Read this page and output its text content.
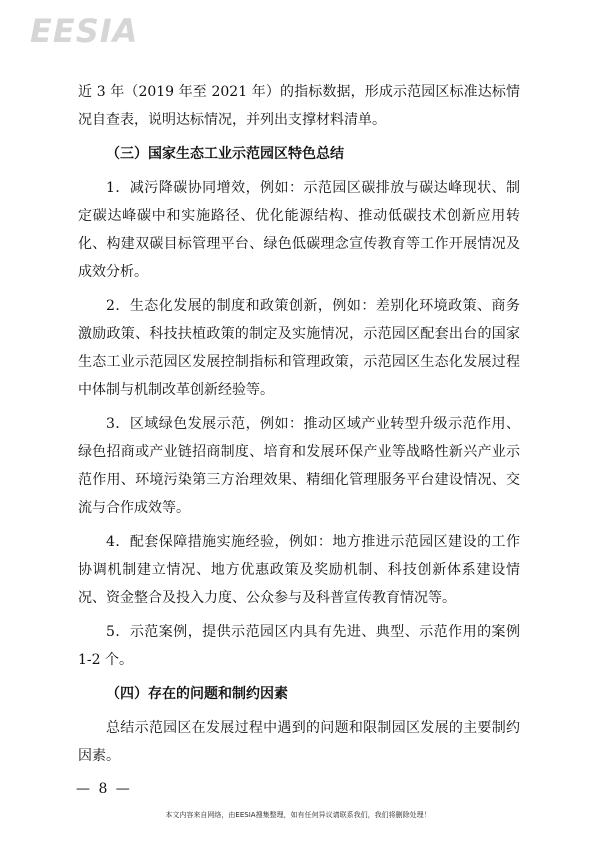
EESIA

近 3 年（2019 年至 2021 年）的指标数据，形成示范园区标准达标情况自查表，说明达标情况，并列出支撑材料清单。

（三）国家生态工业示范园区特色总结

1．减污降碳协同增效，例如：示范园区碳排放与碳达峰现状、制定碳达峰碳中和实施路径、优化能源结构、推动低碳技术创新应用转化、构建双碳目标管理平台、绿色低碳理念宣传教育等工作开展情况及成效分析。

2．生态化发展的制度和政策创新，例如：差别化环境政策、商务激励政策、科技扶植政策的制定及实施情况，示范园区配套出台的国家生态工业示范园区发展控制指标和管理政策，示范园区生态化发展过程中体制与机制改革创新经验等。

3．区域绿色发展示范，例如：推动区域产业转型升级示范作用、绿色招商或产业链招商制度、培育和发展环保产业等战略性新兴产业示范作用、环境污染第三方治理效果、精细化管理服务平台建设情况、交流与合作成效等。

4．配套保障措施实施经验，例如：地方推进示范园区建设的工作协调机制建立情况、地方优惠政策及奖励机制、科技创新体系建设情况、资金整合及投入力度、公众参与及科普宣传教育情况等。

5．示范案例，提供示范园区内具有先进、典型、示范作用的案例 1-2 个。

（四）存在的问题和制约因素

总结示范园区在发展过程中遇到的问题和限制园区发展的主要制约因素。

— 8 —
本文内容来自网络，由EESIA搜集整理，如有任何异议请联系我们，我们将删除处理！
